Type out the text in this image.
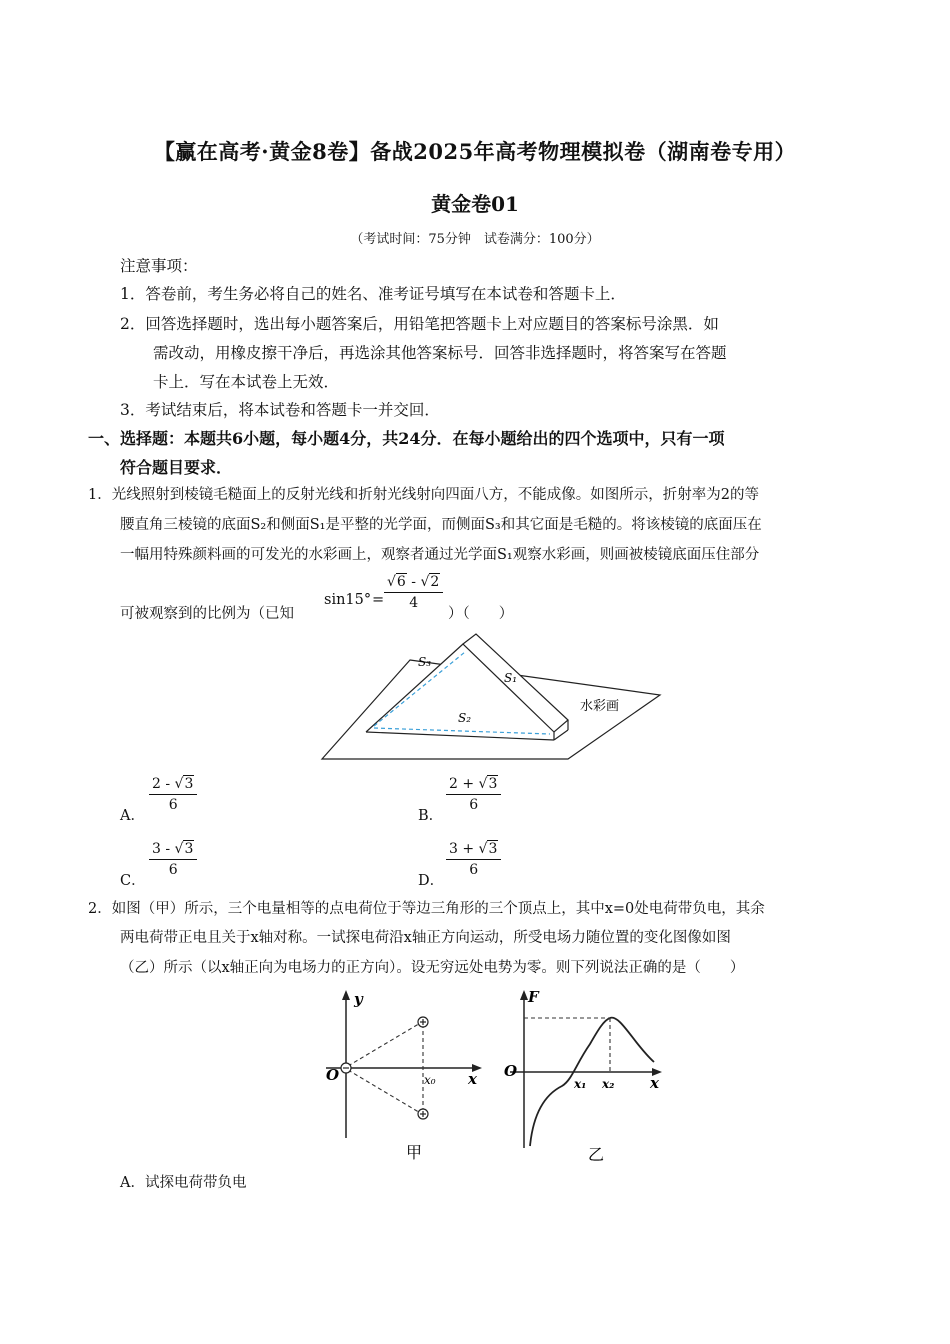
【赢在高考·黄金8卷】备战2025年高考物理模拟卷（湖南卷专用）
黄金卷01
（考试时间：75分钟　试卷满分：100分）
注意事项：
1．答卷前，考生务必将自己的姓名、准考证号填写在本试卷和答题卡上．
2．回答选择题时，选出每小题答案后，用铅笔把答题卡上对应题目的答案标号涂黑．如
需改动，用橡皮擦干净后，再选涂其他答案标号．回答非选择题时，将答案写在答题
卡上．写在本试卷上无效．
3．考试结束后，将本试卷和答题卡一并交回．
一、选择题：本题共6小题，每小题4分，共24分．在每小题给出的四个选项中，只有一项
符合题目要求．
1．光线照射到棱镜毛糙面上的反射光线和折射光线射向四面八方，不能成像。如图所示，折射率为2的等
腰直角三棱镜的底面S₂和侧面S₁是平整的光学面，而侧面S₃和其它面是毛糙的。将该棱镜的底面压在
一幅用特殊颜料画的可发光的水彩画上，观察者通过光学面S₁观察水彩画，则画被棱镜底面压住部分
可被观察到的比例为（已知
$\sin 15^\circ = \frac{√6 - √2}{4}$
）（　　）
S₃
S₁
S₂
水彩画
A．
$\frac{2 - √3}{6}$
B．
$\frac{2 + √3}{6}$
C．
$\frac{3 - √3}{6}$
D．
$\frac{3 + √3}{6}$
2．如图（甲）所示，三个电量相等的点电荷位于等边三角形的三个顶点上，其中x=0处电荷带负电，其余
两电荷带正电且关于x轴对称。一试探电荷沿x轴正方向运动，所受电场力随位置的变化图像如图
（乙）所示（以x轴正向为电场力的正方向）。设无穷远处电势为零。则下列说法正确的是（　　）
y
O	x
x₀
甲
F
O
x
x₁ x₂
乙
A．试探电荷带负电
